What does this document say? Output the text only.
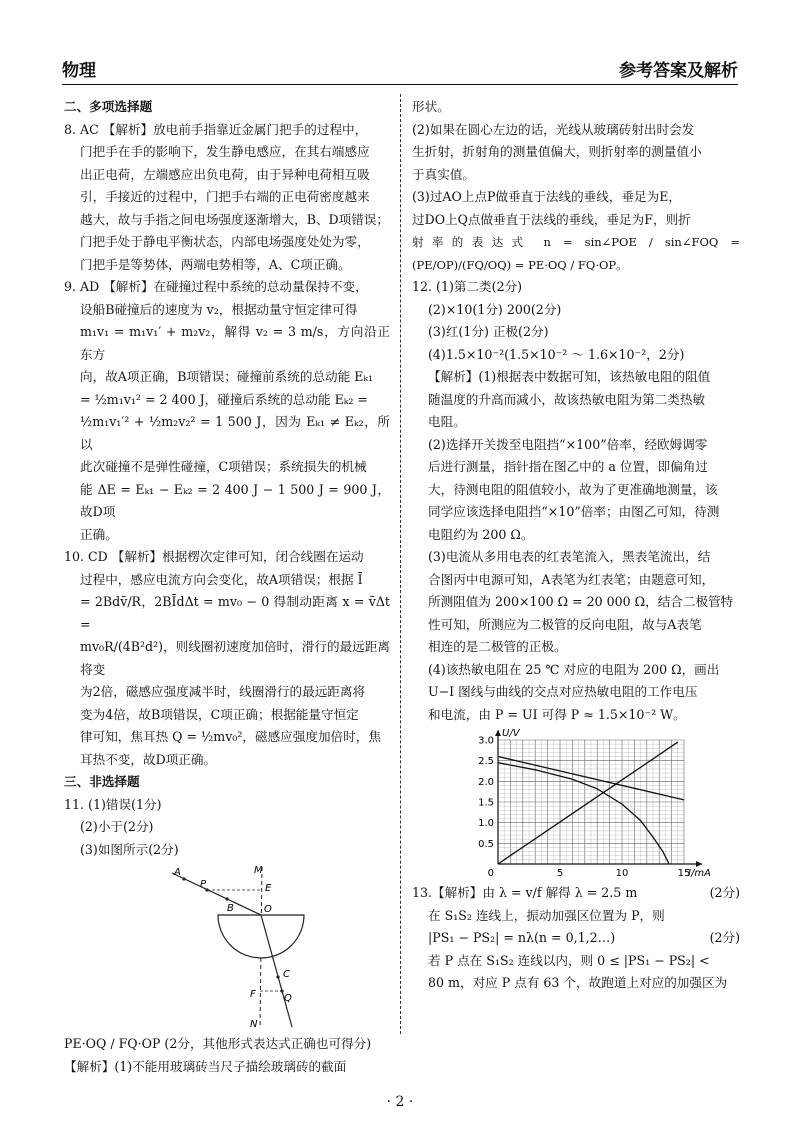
物理	参考答案及解析

二、多项选择题

8. AC 【解析】放电前手指靠近金属门把手的过程中，

门把手在手的影响下，发生静电感应，在其右端感应

出正电荷，左端感应出负电荷，由于异种电荷相互吸

引，手接近的过程中，门把手右端的正电荷密度越来

越大，故与手指之间电场强度逐渐增大，B、D项错误；

门把手处于静电平衡状态，内部电场强度处处为零，

门把手是等势体，两端电势相等，A、C项正确。

9. AD 【解析】在碰撞过程中系统的总动量保持不变，

设船B碰撞后的速度为 v₂，根据动量守恒定律可得

m₁v₁ = m₁v₁′ + m₂v₂，解得 v₂ = 3 m/s，方向沿正东方

向，故A项正确，B项错误；碰撞前系统的总动能 Eₖ₁

= ½m₁v₁² = 2 400 J，碰撞后系统的总动能 Eₖ₂ =

½m₁v₁′² + ½m₂v₂² = 1 500 J，因为 Eₖ₁ ≠ Eₖ₂，所以

此次碰撞不是弹性碰撞，C项错误；系统损失的机械

能 ΔE = Eₖ₁ − Eₖ₂ = 2 400 J − 1 500 J = 900 J，故D项

正确。

10. CD 【解析】根据楞次定律可知，闭合线圈在运动

过程中，感应电流方向会变化，故A项错误；根据 Ī

= 2Bdv̄/R，2BĪdΔt = mv₀ − 0 得制动距离 x = v̄Δt =

mv₀R/(4B²d²)，则线圈初速度加倍时，滑行的最远距离将变

为2倍，磁感应强度减半时，线圈滑行的最远距离将

变为4倍，故B项错误，C项正确；根据能量守恒定

律可知，焦耳热 Q = ½mv₀²，磁感应强度加倍时，焦

耳热不变，故D项正确。

三、非选择题

11. (1)错误(1分)

(2)小于(2分)

(3)如图所示(2分)

M
A
P
B
E
O
C
Q
F
N

PE·OQ / FQ·OP (2分，其他形式表达式正确也可得分)

【解析】(1)不能用玻璃砖当尺子描绘玻璃砖的截面

形状。

(2)如果在圆心左边的话，光线从玻璃砖射出时会发

生折射，折射角的测量值偏大，则折射率的测量值小

于真实值。

(3)过AO上点P做垂直于法线的垂线，垂足为E，

过DO上Q点做垂直于法线的垂线，垂足为F，则折

射率的表达式 n = sin∠POE / sin∠FOQ = (PE/OP)/(FQ/OQ) = PE·OQ / FQ·OP。

12. (1)第二类(2分)

(2)×10(1分) 200(2分)

(3)红(1分) 正极(2分)

(4)1.5×10⁻²(1.5×10⁻² ～ 1.6×10⁻²，2分)

【解析】(1)根据表中数据可知，该热敏电阻的阻值

随温度的升高而减小，故该热敏电阻为第二类热敏

电阻。

(2)选择开关拨至电阻挡“×100”倍率，经欧姆调零

后进行测量，指针指在图乙中的 a 位置，即偏角过

大，待测电阻的阻值较小，故为了更准确地测量，该

同学应该选择电阻挡“×10”倍率；由图乙可知，待测

电阻约为 200 Ω。

(3)电流从多用电表的红表笔流入，黑表笔流出，结

合图丙中电源可知，A表笔为红表笔；由题意可知，

所测阻值为 200×100 Ω = 20 000 Ω，结合二极管特

性可知，所测应为二极管的反向电阻，故与A表笔

相连的是二极管的正极。

(4)该热敏电阻在 25 ℃ 对应的电阻为 200 Ω，画出

U−I 图线与曲线的交点对应热敏电阻的工作电压

和电流，由 P = UI 可得 P ≈ 1.5×10⁻² W。

0.5
1.0
1.5
2.0
2.5
3.0
0	5	10	15
U/V
I/mA

13.【解析】由 λ = v/f 解得 λ = 2.5 m	(2分)

在 S₁S₂ 连线上，振动加强区位置为 P，则

|PS₁ − PS₂| = nλ(n = 0,1,2…)	(2分)

若 P 点在 S₁S₂ 连线以内，则 0 ≤ |PS₁ − PS₂| <

80 m，对应 P 点有 63 个，故跑道上对应的加强区为

· 2 ·
